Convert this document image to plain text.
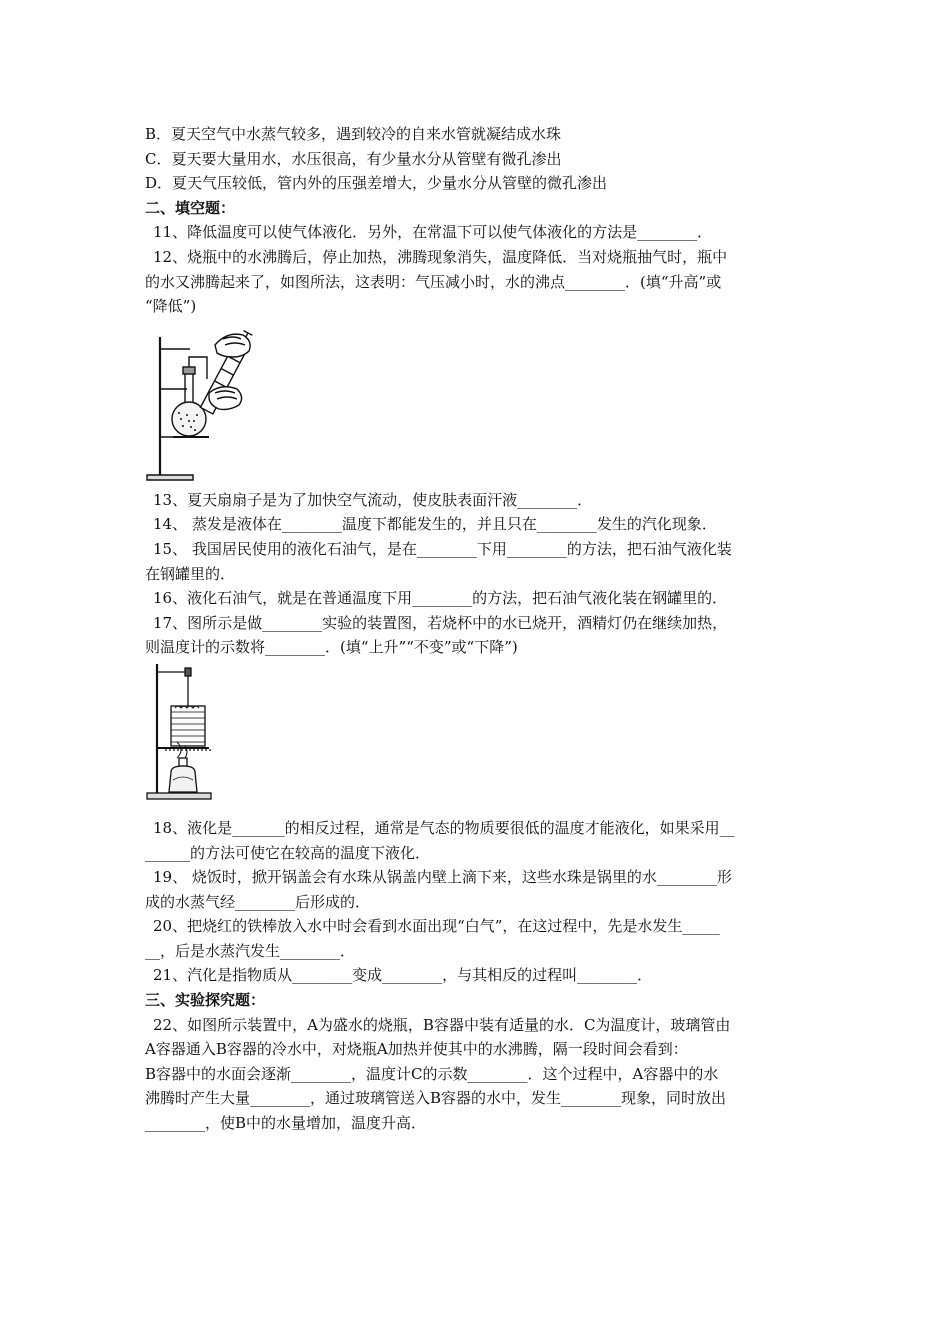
B．夏天空气中水蒸气较多，遇到较冷的自来水管就凝结成水珠
C．夏天要大量用水，水压很高，有少量水分从管壁有微孔渗出
D．夏天气压较低，管内外的压强差增大，少量水分从管壁的微孔渗出
二、填空题：
11、降低温度可以使气体液化．另外，在常温下可以使气体液化的方法是________．
12、烧瓶中的水沸腾后，停止加热，沸腾现象消失，温度降低．当对烧瓶抽气时，瓶中
的水又沸腾起来了，如图所法，这表明：气压减小时，水的沸点________．(填“升高”或
“降低”)
13、夏天扇扇子是为了加快空气流动，使皮肤表面汗液________．
14、 蒸发是液体在________温度下都能发生的，并且只在________发生的汽化现象．
15、 我国居民使用的液化石油气，是在________下用________的方法，把石油气液化装
在钢罐里的．
16、液化石油气，就是在普通温度下用________的方法，把石油气液化装在钢罐里的．
17、图所示是做________实验的装置图，若烧杯中的水已烧开，酒精灯仍在继续加热，
则温度计的示数将________．(填“上升”“不变”或“下降”)
18、液化是_______的相反过程，通常是气态的物质要很低的温度才能液化，如果采用__
______的方法可使它在较高的温度下液化．
19、 烧饭时，掀开锅盖会有水珠从锅盖内壁上滴下来，这些水珠是锅里的水________形
成的水蒸气经________后形成的．
20、把烧红的铁棒放入水中时会看到水面出现“白气”，在这过程中，先是水发生_____
__，后是水蒸汽发生________．
21、汽化是指物质从________变成________，与其相反的过程叫________．
三、实验探究题：
22、如图所示装置中，A为盛水的烧瓶，B容器中装有适量的水．C为温度计，玻璃管由
A容器通入B容器的冷水中，对烧瓶A加热并使其中的水沸腾，隔一段时间会看到：
B容器中的水面会逐渐________，温度计C的示数________．这个过程中，A容器中的水
沸腾时产生大量________，通过玻璃管送入B容器的水中，发生________现象，同时放出
________，使B中的水量增加，温度升高．
